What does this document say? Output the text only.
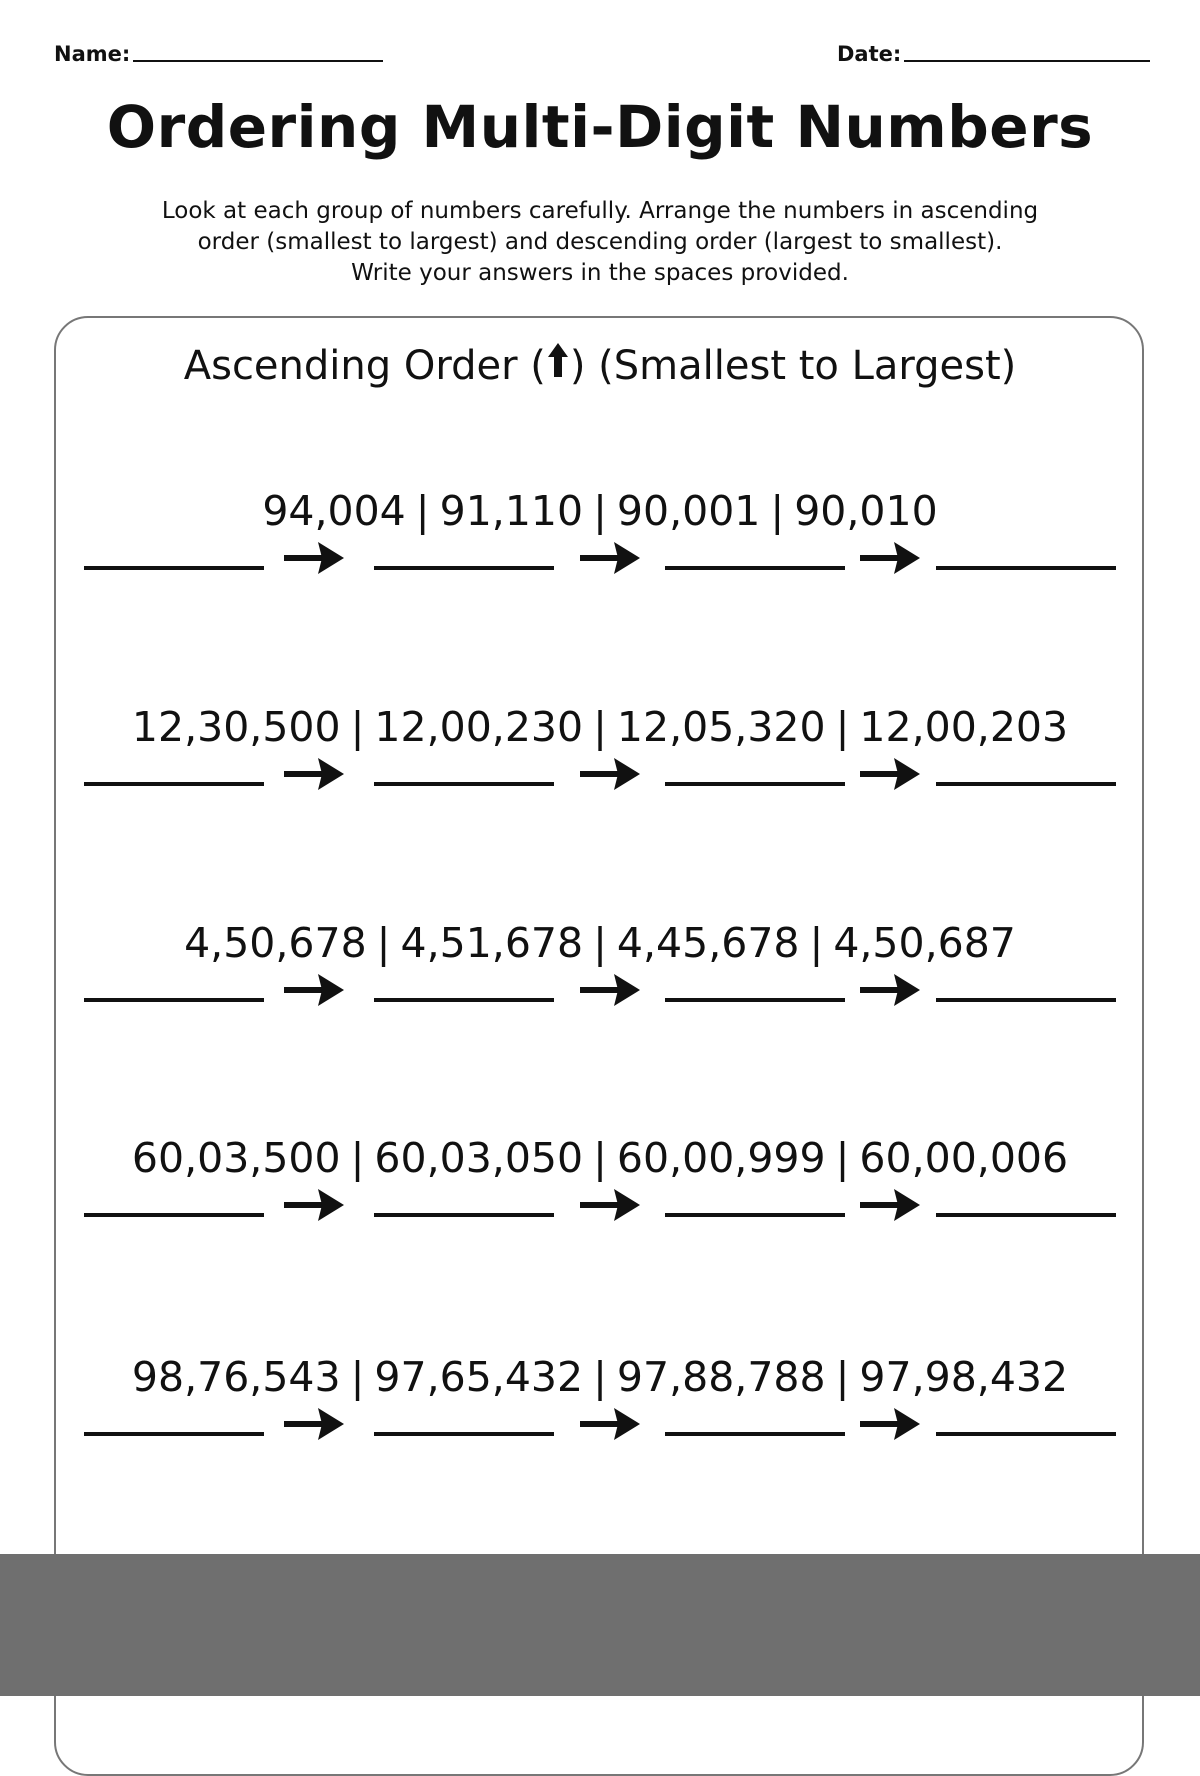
Name:	Date:
Ordering Multi-Digit Numbers
Look at each group of numbers carefully. Arrange the numbers in ascending
order (smallest to largest) and descending order (largest to smallest).
Write your answers in the spaces provided.
Ascending Order ( ) (Smallest to Largest)
94,004 | 91,110 | 90,001 | 90,010
12,30,500 | 12,00,230 | 12,05,320 | 12,00,203
4,50,678 | 4,51,678 | 4,45,678 | 4,50,687
60,03,500 | 60,03,050 | 60,00,999 | 60,00,006
98,76,543 | 97,65,432 | 97,88,788 | 97,98,432
